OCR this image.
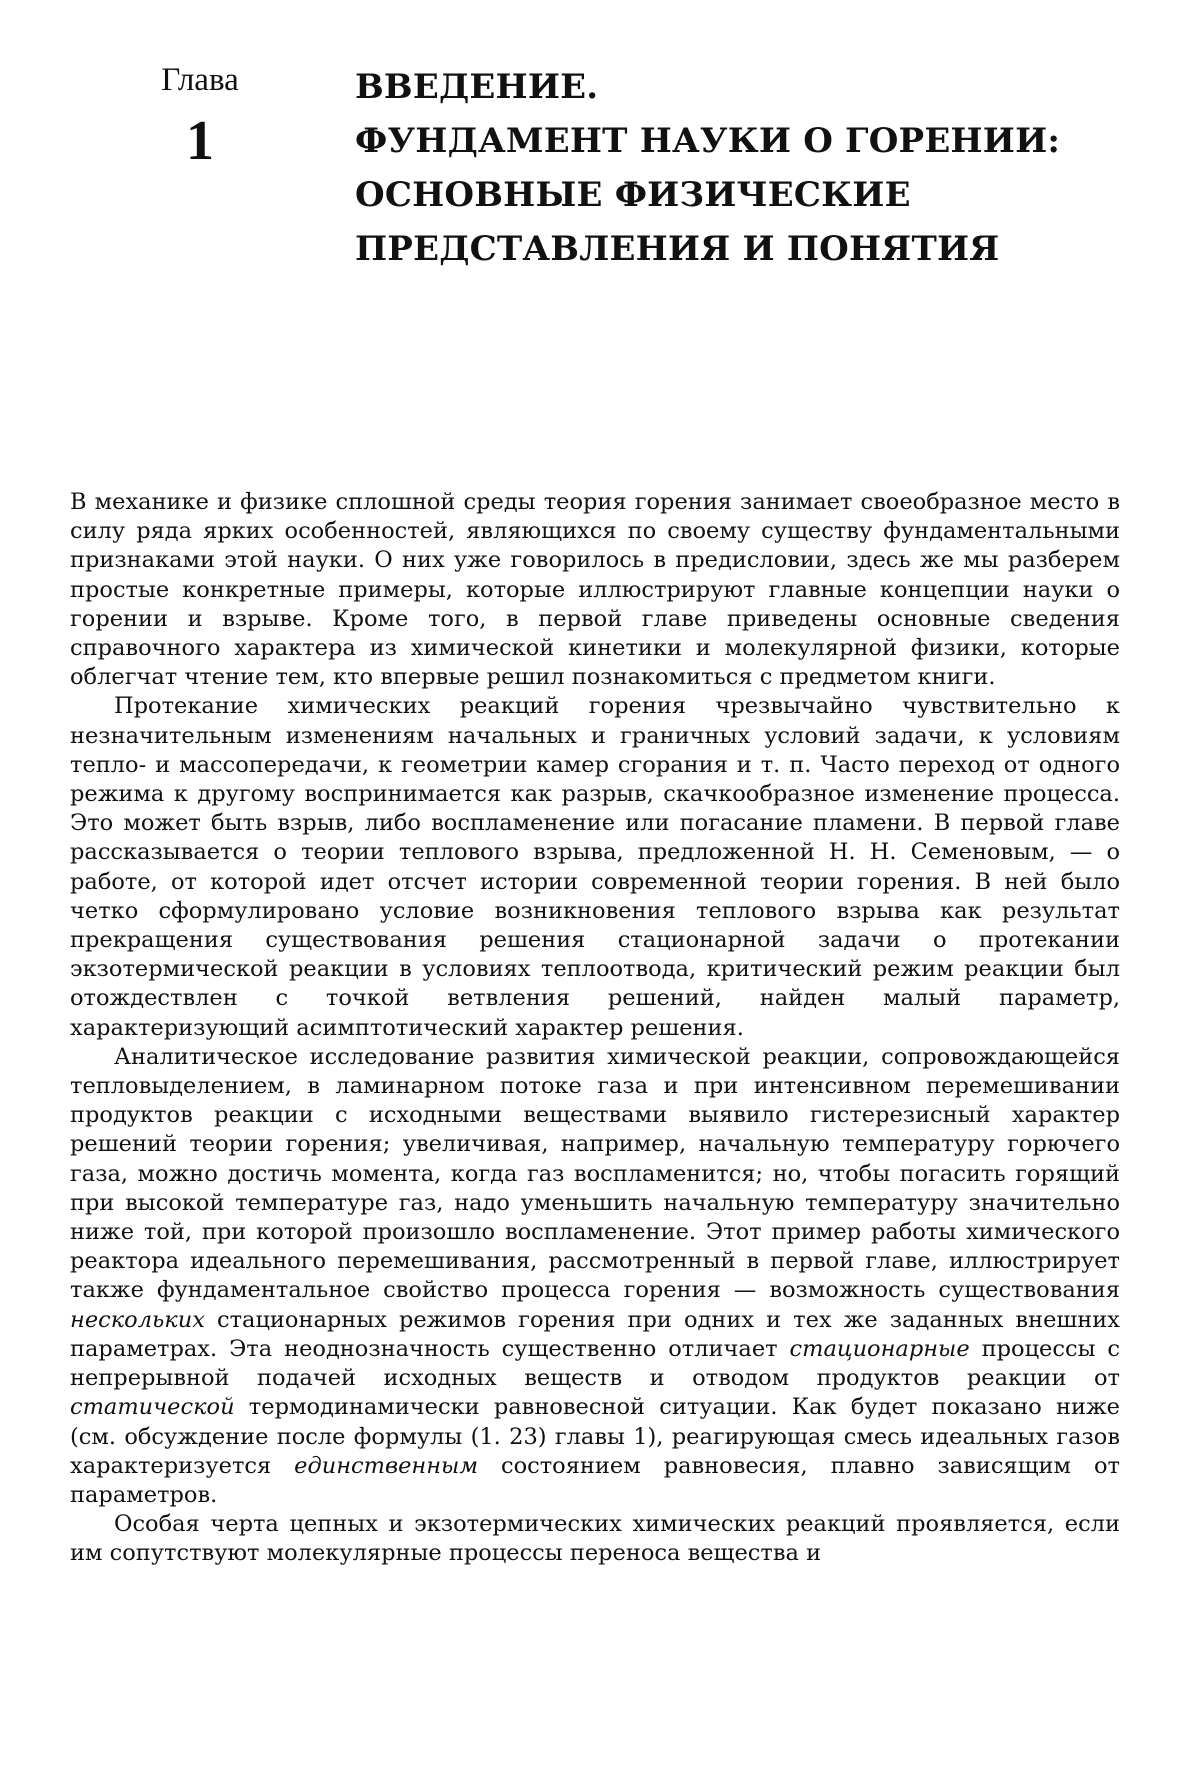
Глава
1
ВВЕДЕНИЕ.
ФУНДАМЕНТ НАУКИ О ГОРЕНИИ:
ОСНОВНЫЕ ФИЗИЧЕСКИЕ
ПРЕДСТАВЛЕНИЯ И ПОНЯТИЯ

В механике и физике сплошной среды теория горения занимает своеобразное место в силу ряда ярких особенностей, являющихся по своему существу фундаментальными признаками этой науки. О них уже говорилось в предисловии, здесь же мы разберем простые конкретные примеры, которые иллюстрируют главные концепции науки о горении и взрыве. Кроме того, в первой главе приведены основные сведения справочного характера из химической кинетики и молекулярной физики, которые облегчат чтение тем, кто впервые решил познакомиться с предметом книги.

Протекание химических реакций горения чрезвычайно чувствительно к незначительным изменениям начальных и граничных условий задачи, к условиям тепло- и массопередачи, к геометрии камер сгорания и т. п. Часто переход от одного режима к другому воспринимается как разрыв, скачкообразное изменение процесса. Это может быть взрыв, либо воспламенение или погасание пламени. В первой главе рассказывается о теории теплового взрыва, предложенной Н. Н. Семеновым, — о работе, от которой идет отсчет истории современной теории горения. В ней было четко сформулировано условие возникновения теплового взрыва как результат прекращения существования решения стационарной задачи о протекании экзотермической реакции в условиях теплоотвода, критический режим реакции был отождествлен с точкой ветвления решений, найден малый параметр, характеризующий асимптотический характер решения.

Аналитическое исследование развития химической реакции, сопровождающейся тепловыделением, в ламинарном потоке газа и при интенсивном перемешивании продуктов реакции с исходными веществами выявило гистерезисный характер решений теории горения; увеличивая, например, начальную температуру горючего газа, можно достичь момента, когда газ воспламенится; но, чтобы погасить горящий при высокой температуре газ, надо уменьшить начальную температуру значительно ниже той, при которой произошло воспламенение. Этот пример работы химического реактора идеального перемешивания, рассмотренный в первой главе, иллюстрирует также фундаментальное свойство процесса горения — возможность существования нескольких стационарных режимов горения при одних и тех же заданных внешних параметрах. Эта неоднозначность существенно отличает стационарные процессы с непрерывной подачей исходных веществ и отводом продуктов реакции от статической термодинамически равновесной ситуации. Как будет показано ниже (см. обсуждение после формулы (1. 23) главы 1), реагирующая смесь идеальных газов характеризуется единственным состоянием равновесия, плавно зависящим от параметров.

Особая черта цепных и экзотермических химических реакций проявляется, если им сопутствуют молекулярные процессы переноса вещества и
